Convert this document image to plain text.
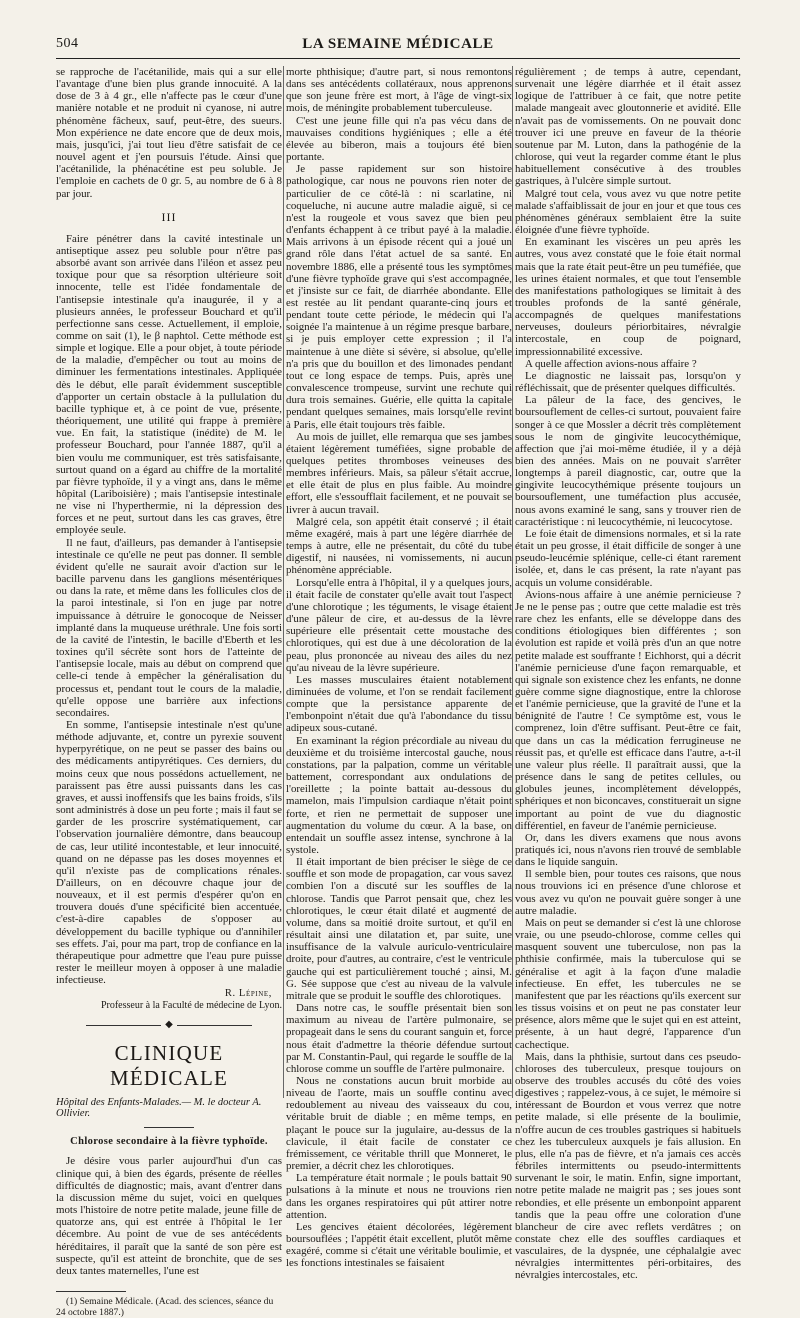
504	LA SEMAINE MÉDICALE

se rapproche de l'acétanilide, mais qui a sur elle l'avantage d'une bien plus grande innocuité. A la dose de 3 à 4 gr., elle n'affecte pas le cœur d'une manière notable et ne produit ni cyanose, ni autre phénomène fâcheux, sauf, peut-être, des sueurs. Mon expérience ne date encore que de deux mois, mais, jusqu'ici, j'ai tout lieu d'être satisfait de ce nouvel agent et j'en poursuis l'étude. Ainsi que l'acétanilide, la phénacétine est peu soluble. Je l'emploie en cachets de 0 gr. 5, au nombre de 6 à 8 par jour.

III

Faire pénétrer dans la cavité intestinale un antiseptique assez peu soluble pour n'être pas absorbé avant son arrivée dans l'iléon et assez peu toxique pour que sa résorption ultérieure soit innocente, telle est l'idée fondamentale de l'antisepsie intestinale qu'a inaugurée, il y a plusieurs années, le professeur Bouchard et qu'il perfectionne sans cesse. Actuellement, il emploie, comme on sait (1), le β naphtol. Cette méthode est simple et logique. Elle a pour objet, à toute période de la maladie, d'empêcher ou tout au moins de diminuer les fermentations intestinales. Appliquée dès le début, elle paraît évidemment susceptible d'apporter un certain obstacle à la pullulation du bacille typhique et, à ce point de vue, présente, théoriquement, une utilité qui frappe à première vue. En fait, la statistique (inédite) de M. le professeur Bouchard, pour l'année 1887, qu'il a bien voulu me communiquer, est très satisfaisante, surtout quand on a égard au chiffre de la mortalité par fièvre typhoïde, il y a vingt ans, dans le même hôpital (Lariboisière) ; mais l'antisepsie intestinale ne vise ni l'hyperthermie, ni la dépression des forces et ne peut, surtout dans les cas graves, être employée seule.

Il ne faut, d'ailleurs, pas demander à l'antisepsie intestinale ce qu'elle ne peut pas donner. Il semble évident qu'elle ne saurait avoir d'action sur le bacille parvenu dans les ganglions mésentériques ou dans la rate, et même dans les follicules clos de la paroi intestinale, si l'on en juge par notre impuissance à détruire le gonocoque de Neisser implanté dans la muqueuse uréthrale. Une fois sorti de la cavité de l'intestin, le bacille d'Eberth et les toxines qu'il sécrète sont hors de l'atteinte de l'antisepsie locale, mais au début on comprend que celle-ci tende à empêcher la généralisation du processus et, pendant tout le cours de la maladie, qu'elle oppose une barrière aux infections secondaires.

En somme, l'antisepsie intestinale n'est qu'une méthode adjuvante, et, contre un pyrexie souvent hyperpyrétique, on ne peut se passer des bains ou des médicaments antipyrétiques. Ces derniers, du moins ceux que nous possédons actuellement, ne paraissent pas être aussi puissants dans les cas graves, et aussi inoffensifs que les bains froids, s'ils sont administrés à dose un peu forte ; mais il faut se garder de les proscrire systématiquement, car l'observation journalière démontre, dans beaucoup de cas, leur utilité incontestable, et leur innocuité, quand on ne dépasse pas les doses moyennes et qu'il n'existe pas de complications rénales. D'ailleurs, on en découvre chaque jour de nouveaux, et il est permis d'espérer qu'on en trouvera doués d'une spécificité bien accentuée, c'est-à-dire capables de s'opposer au développement du bacille typhique ou d'annihiler ses effets. J'ai, pour ma part, trop de confiance en la thérapeutique pour admettre que l'eau pure puisse rester le meilleur moyen à opposer à une maladie infectieuse.

R. Lépine,
Professeur à la Faculté de médecine de Lyon.
◆
CLINIQUE MÉDICALE
Hôpital des Enfants-Malades.— M. le docteur A. Ollivier.
Chlorose secondaire à la fièvre typhoïde.

Je désire vous parler aujourd'hui d'un cas clinique qui, à bien des égards, présente de réelles difficultés de diagnostic; mais, avant d'entrer dans la discussion même du sujet, voici en quelques mots l'histoire de notre petite malade, jeune fille de quatorze ans, qui est entrée à l'hôpital le 1er décembre. Au point de vue de ses antécédents héréditaires, il paraît que la santé de son père est suspecte, qu'il est atteint de bronchite, que de ses deux tantes maternelles, l'une est

(1) Semaine Médicale. (Acad. des sciences, séance du 24 octobre 1887.)

morte phthisique; d'autre part, si nous remontons dans ses antécédents collatéraux, nous apprenons que son jeune frère est mort, à l'âge de vingt-six mois, de méningite probablement tuberculeuse.

C'est une jeune fille qui n'a pas vécu dans de mauvaises conditions hygiéniques ; elle a été élevée au biberon, mais a toujours été bien portante.

Je passe rapidement sur son histoire pathologique, car nous ne pouvons rien noter de particulier de ce côté-là : ni scarlatine, ni coqueluche, ni aucune autre maladie aiguë, si ce n'est la rougeole et vous savez que bien peu d'enfants échappent à ce tribut payé à la maladie. Mais arrivons à un épisode récent qui a joué un grand rôle dans l'état actuel de sa santé. En novembre 1886, elle a présenté tous les symptômes d'une fièvre typhoïde grave qui s'est accompagnée, et j'insiste sur ce fait, de diarrhée abondante. Elle est restée au lit pendant quarante-cinq jours et pendant toute cette période, le médecin qui l'a soignée l'a maintenue à un régime presque barbare, si je puis employer cette expression ; il l'a maintenue à une diète si sévère, si absolue, qu'elle n'a pris que du bouillon et des limonades pendant tout ce long espace de temps. Puis, après une convalescence trompeuse, survint une rechute qui dura trois semaines. Guérie, elle quitta la capitale pendant quelques semaines, mais lorsqu'elle revint à Paris, elle était toujours très faible.

Au mois de juillet, elle remarqua que ses jambes étaient légèrement tuméfiées, signe probable de quelques petites thromboses veineuses des membres inférieurs. Mais, sa pâleur s'était accrue, et elle était de plus en plus faible. Au moindre effort, elle s'essoufflait facilement, et ne pouvait se livrer à aucun travail.

Malgré cela, son appétit était conservé ; il était même exagéré, mais à part une légère diarrhée de temps à autre, elle ne présentait, du côté du tube digestif, ni nausées, ni vomissements, ni aucun phénomène appréciable.

Lorsqu'elle entra à l'hôpital, il y a quelques jours, il était facile de constater qu'elle avait tout l'aspect d'une chlorotique ; les téguments, le visage étaient d'une pâleur de cire, et au-dessus de la lèvre supérieure elle présentait cette moustache des chlorotiques, qui est due à une décoloration de la peau, plus prononcée au niveau des ailes du nez qu'au niveau de la lèvre supérieure.

Les masses musculaires étaient notablement diminuées de volume, et l'on se rendait facilement compte que la persistance apparente de l'embonpoint n'était due qu'à l'abondance du tissu adipeux sous-cutané.

En examinant la région précordiale au niveau du deuxième et du troisième intercostal gauche, nous constations, par la palpation, comme un véritable battement, correspondant aux ondulations de l'oreillette ; la pointe battait au-dessous du mamelon, mais l'impulsion cardiaque n'était point forte, et rien ne permettait de supposer une augmentation du volume du cœur. A la base, on entendait un souffle assez intense, synchrone à la systole.

Il était important de bien préciser le siège de ce souffle et son mode de propagation, car vous savez combien l'on a discuté sur les souffles de la chlorose. Tandis que Parrot pensait que, chez les chlorotiques, le cœur était dilaté et augmenté de volume, dans sa moitié droite surtout, et qu'il en résultait ainsi une dilatation et, par suite, une insuffisance de la valvule auriculo-ventriculaire droite, pour d'autres, au contraire, c'est le ventricule gauche qui est particulièrement touché ; ainsi, M. G. Sée suppose que c'est au niveau de la valvule mitrale que se produit le souffle des chlorotiques.

Dans notre cas, le souffle présentait bien son maximum au niveau de l'artère pulmonaire, se propageait dans le sens du courant sanguin et, force nous était d'admettre la théorie défendue surtout par M. Constantin-Paul, qui regarde le souffle de la chlorose comme un souffle de l'artère pulmonaire.

Nous ne constations aucun bruit morbide au niveau de l'aorte, mais un souffle continu avec redoublement au niveau des vaisseaux du cou, véritable bruit de diable ; en même temps, en plaçant le pouce sur la jugulaire, au-dessus de la clavicule, il était facile de constater ce frémissement, ce véritable thrill que Monneret, le premier, a décrit chez les chlorotiques.

La température était normale ; le pouls battait 90 pulsations à la minute et nous ne trouvions rien dans les organes respiratoires qui pût attirer notre attention.

Les gencives étaient décolorées, légèrement boursouflées ; l'appétit était excellent, plutôt même exagéré, comme si c'était une véritable boulimie, et les fonctions intestinales se faisaient

régulièrement ; de temps à autre, cependant, survenait une légère diarrhée et il était assez logique de l'attribuer à ce fait, que notre petite malade mangeait avec gloutonnerie et avidité. Elle n'avait pas de vomissements. On ne pouvait donc trouver ici une preuve en faveur de la théorie soutenue par M. Luton, dans la pathogénie de la chlorose, qui veut la regarder comme étant le plus habituellement consécutive à des troubles gastriques, à l'ulcère simple surtout.

Malgré tout cela, vous avez vu que notre petite malade s'affaiblissait de jour en jour et que tous ces phénomènes généraux semblaient être la suite éloignée d'une fièvre typhoïde.

En examinant les viscères un peu après les autres, vous avez constaté que le foie était normal mais que la rate était peut-être un peu tuméfiée, que les urines étaient normales, et que tout l'ensemble des manifestations pathologiques se limitait à des troubles profonds de la santé générale, accompagnés de quelques manifestations nerveuses, douleurs périorbitaires, névralgie intercostale, en coup de poignard, impressionnabilité excessive.

A quelle affection avions-nous affaire ?

Le diagnostic ne laissait pas, lorsqu'on y réfléchissait, que de présenter quelques difficultés.

La pâleur de la face, des gencives, le boursouflement de celles-ci surtout, pouvaient faire songer à ce que Mossler a décrit très complètement sous le nom de gingivite leucocythémique, affection que j'ai moi-même étudiée, il y a déjà bien des années. Mais on ne pouvait s'arrêter longtemps à pareil diagnostic, car, outre que la gingivite leucocythémique présente toujours un boursouflement, une tuméfaction plus accusée, nous avons examiné le sang, sans y trouver rien de caractéristique : ni leucocythémie, ni leucocytose.

Le foie était de dimensions normales, et si la rate était un peu grosse, il était difficile de songer à une pseudo-leucémie splénique, celle-ci étant rarement isolée, et, dans le cas présent, la rate n'ayant pas acquis un volume considérable.

Avions-nous affaire à une anémie pernicieuse ? Je ne le pense pas ; outre que cette maladie est très rare chez les enfants, elle se développe dans des conditions étiologiques bien différentes ; son évolution est rapide et voilà près d'un an que notre petite malade est souffrante ! Eichhorst, qui a décrit l'anémie pernicieuse d'une façon remarquable, et qui signale son existence chez les enfants, ne donne guère comme signe diagnostique, entre la chlorose et l'anémie pernicieuse, que la gravité de l'une et la bénignité de l'autre ! Ce symptôme est, vous le comprenez, loin d'être suffisant. Peut-être ce fait, que dans un cas la médication ferrugineuse ne réussit pas, et qu'elle est efficace dans l'autre, a-t-il une valeur plus réelle. Il paraîtrait aussi, que la présence dans le sang de petites cellules, ou globules jeunes, incomplètement développés, sphériques et non biconcaves, constituerait un signe important au point de vue du diagnostic différentiel, en faveur de l'anémie pernicieuse.

Or, dans les divers examens que nous avons pratiqués ici, nous n'avons rien trouvé de semblable dans le liquide sanguin.

Il semble bien, pour toutes ces raisons, que nous nous trouvions ici en présence d'une chlorose et vous avez vu qu'on ne pouvait guère songer à une autre maladie.

Mais on peut se demander si c'est là une chlorose vraie, ou une pseudo-chlorose, comme celles qui masquent souvent une tuberculose, non pas la phthisie confirmée, mais la tuberculose qui se généralise et agit à la façon d'une maladie infectieuse. En effet, les tubercules ne se manifestent que par les réactions qu'ils exercent sur les tissus voisins et on peut ne pas constater leur présence, alors même que le sujet qui en est atteint, présente, à un haut degré, l'apparence d'un cachectique.

Mais, dans la phthisie, surtout dans ces pseudo-chloroses des tuberculeux, presque toujours on observe des troubles accusés du côté des voies digestives ; rappelez-vous, à ce sujet, le mémoire si intéressant de Bourdon et vous verrez que notre petite malade, si elle présente de la boulimie, n'offre aucun de ces troubles gastriques si habituels chez les tuberculeux auxquels je fais allusion. En plus, elle n'a pas de fièvre, et n'a jamais ces accès fébriles intermittents ou pseudo-intermittents survenant le soir, le matin. Enfin, signe important, notre petite malade ne maigrit pas ; ses joues sont rebondies, et elle présente un embonpoint apparent tandis que la peau offre une coloration d'une blancheur de cire avec reflets verdâtres ; on constate chez elle des souffles cardiaques et vasculaires, de la dyspnée, une céphalalgie avec névralgies intermittentes péri-orbitaires, des névralgies intercostales, etc.
